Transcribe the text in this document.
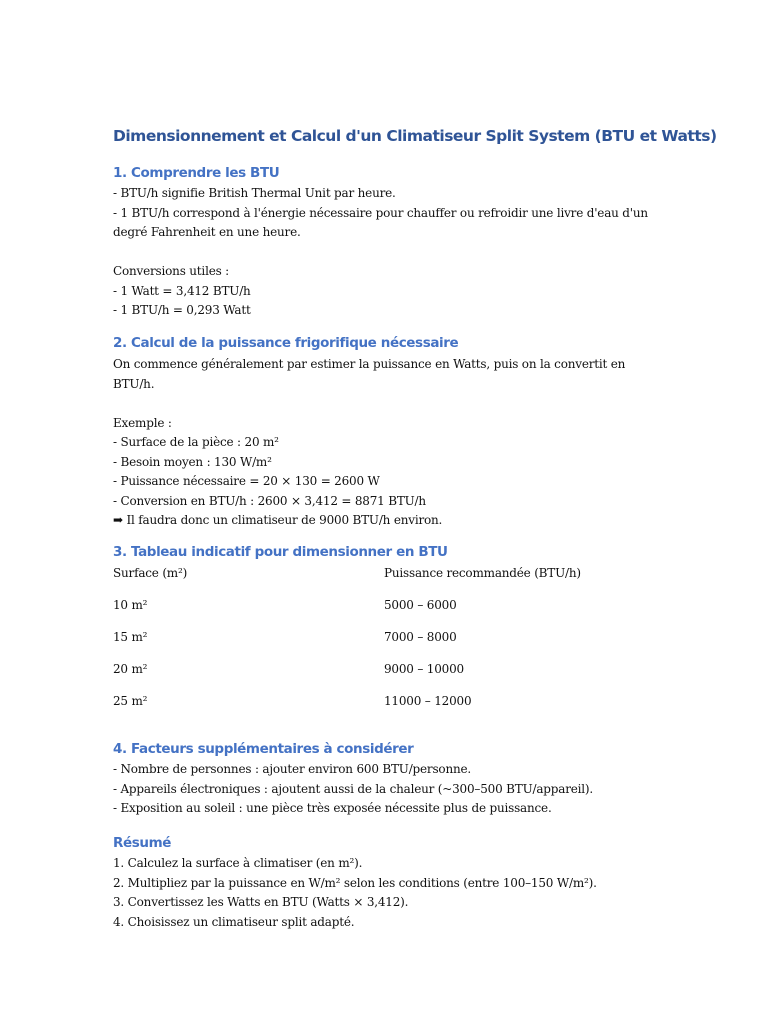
Dimensionnement et Calcul d'un Climatiseur Split System (BTU et Watts)
1. Comprendre les BTU
- BTU/h signifie British Thermal Unit par heure.
- 1 BTU/h correspond à l'énergie nécessaire pour chauffer ou refroidir une livre d'eau d'un
degré Fahrenheit en une heure.
Conversions utiles :
- 1 Watt = 3,412 BTU/h
- 1 BTU/h = 0,293 Watt
2. Calcul de la puissance frigorifique nécessaire
On commence généralement par estimer la puissance en Watts, puis on la convertit en
BTU/h.
Exemple :
- Surface de la pièce : 20 m²
- Besoin moyen : 130 W/m²
- Puissance nécessaire = 20 × 130 = 2600 W
- Conversion en BTU/h : 2600 × 3,412 = 8871 BTU/h
➡ Il faudra donc un climatiseur de 9000 BTU/h environ.
3. Tableau indicatif pour dimensionner en BTU
Surface (m²)	Puissance recommandée (BTU/h)
10 m²	5000 – 6000
15 m²	7000 – 8000
20 m²	9000 – 10000
25 m²	11000 – 12000
4. Facteurs supplémentaires à considérer
- Nombre de personnes : ajouter environ 600 BTU/personne.
- Appareils électroniques : ajoutent aussi de la chaleur (~300–500 BTU/appareil).
- Exposition au soleil : une pièce très exposée nécessite plus de puissance.
Résumé
1. Calculez la surface à climatiser (en m²).
2. Multipliez par la puissance en W/m² selon les conditions (entre 100–150 W/m²).
3. Convertissez les Watts en BTU (Watts × 3,412).
4. Choisissez un climatiseur split adapté.
